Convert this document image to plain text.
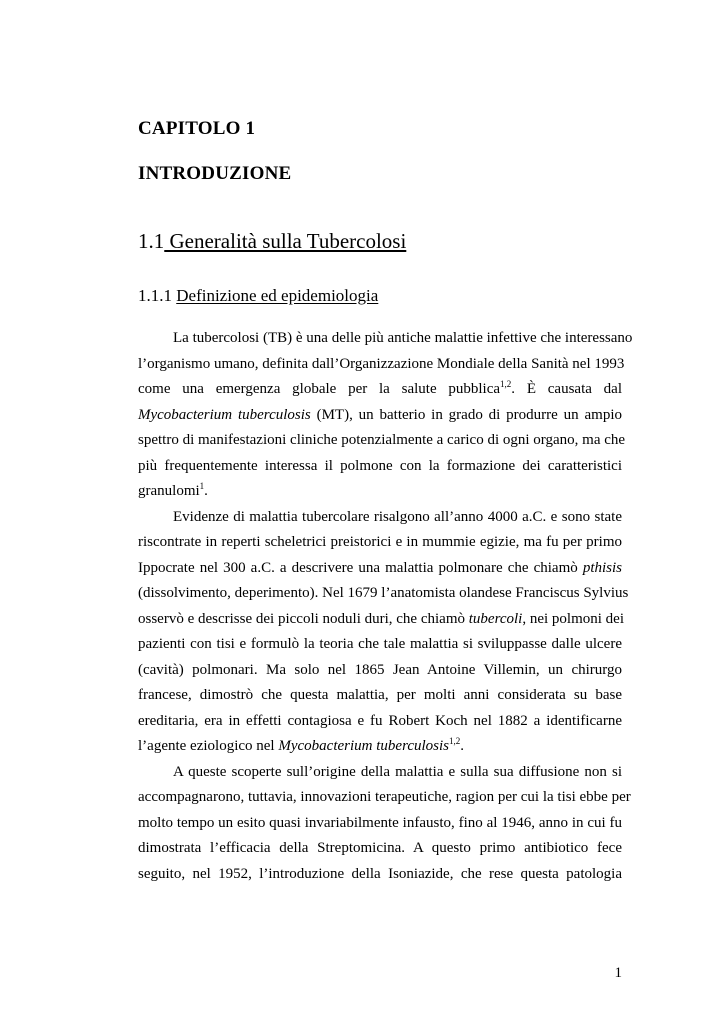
CAPITOLO 1
INTRODUZIONE
1.1 Generalità sulla Tubercolosi
1.1.1 Definizione ed epidemiologia
La tubercolosi (TB) è una delle più antiche malattie infettive che interessano
l’organismo umano, definita dall’Organizzazione Mondiale della Sanità nel 1993
come una emergenza globale per la salute pubblica$^{1,2}$. È causata dal
Mycobacterium tuberculosis (MT), un batterio in grado di produrre un ampio
spettro di manifestazioni cliniche potenzialmente a carico di ogni organo, ma che
più frequentemente interessa il polmone con la formazione dei caratteristici
granulomi$^1$.
Evidenze di malattia tubercolare risalgono all’anno 4000 a.C. e sono state
riscontrate in reperti scheletrici preistorici e in mummie egizie, ma fu per primo
Ippocrate nel 300 a.C. a descrivere una malattia polmonare che chiamò pthisis
(dissolvimento, deperimento). Nel 1679 l’anatomista olandese Franciscus Sylvius
osservò e descrisse dei piccoli noduli duri, che chiamò tubercoli, nei polmoni dei
pazienti con tisi e formulò la teoria che tale malattia si sviluppasse dalle ulcere
(cavità) polmonari. Ma solo nel 1865 Jean Antoine Villemin, un chirurgo
francese, dimostrò che questa malattia, per molti anni considerata su base
ereditaria, era in effetti contagiosa e fu Robert Koch nel 1882 a identificarne
l’agente eziologico nel Mycobacterium tuberculosis$^{1,2}$.
A queste scoperte sull’origine della malattia e sulla sua diffusione non si
accompagnarono, tuttavia, innovazioni terapeutiche, ragion per cui la tisi ebbe per
molto tempo un esito quasi invariabilmente infausto, fino al 1946, anno in cui fu
dimostrata l’efficacia della Streptomicina. A questo primo antibiotico fece
seguito, nel 1952, l’introduzione della Isoniazide, che rese questa patologia
1
